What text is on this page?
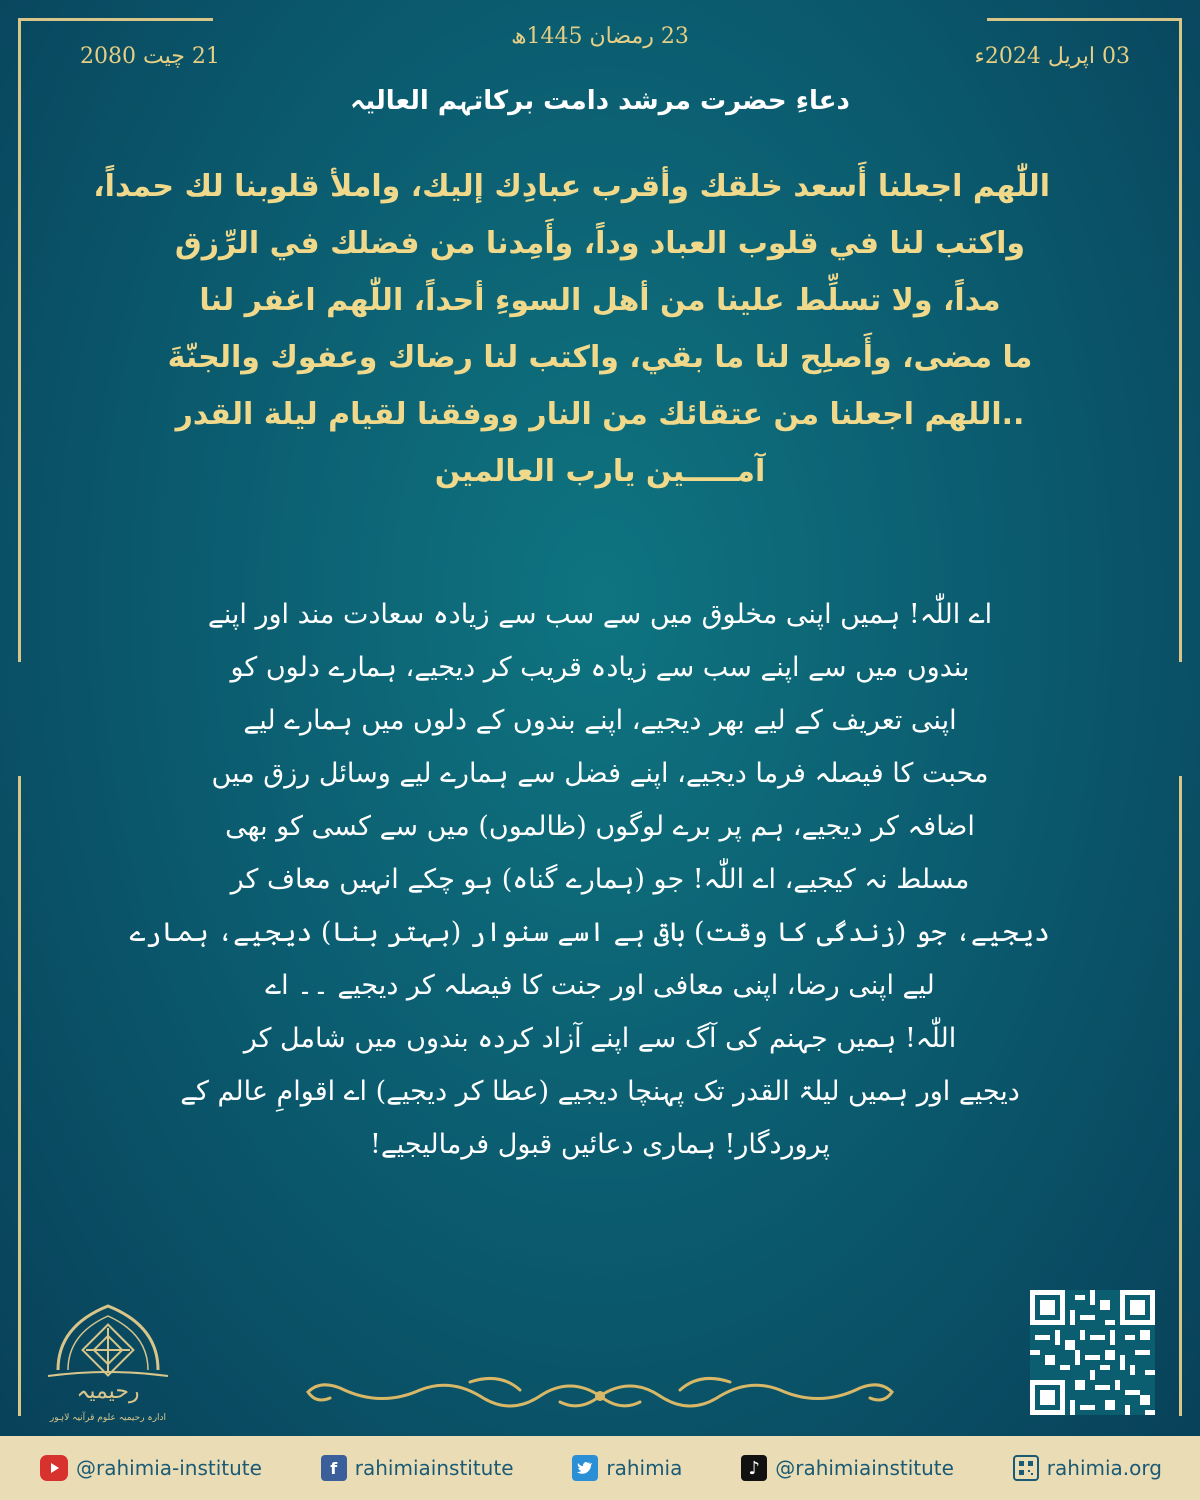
23 رمضان 1445ھ
03 اپریل 2024ء
21 چیت 2080
دعاءِ حضرت مرشد دامت برکاتہم العالیہ

اللّٰهم اجعلنا أَسعد خلقك وأقرب عبادِك إليك، واملأ قلوبنا لك حمداً،

واكتب لنا في قلوب العباد وداً، وأَمِدنا من فضلك في الرِّزق

مداً، ولا تسلِّط علينا من أهل السوءِ أحداً، اللّٰهم اغفر لنا

ما مضى، وأَصلِح لنا ما بقي، واكتب لنا رضاك وعفوك والجنّةَ

..اللهم اجعلنا من عتقائك من النار ووفقنا لقيام ليلة القدر

آمـــــين يارب العالمين

اے اللّٰہ! ہمیں اپنی مخلوق میں سے سب سے زیادہ سعادت مند اور اپنے

بندوں میں سے اپنے سب سے زیادہ قریب کر دیجیے، ہمارے دلوں کو

اپنی تعریف کے لیے بھر دیجیے، اپنے بندوں کے دلوں میں ہمارے لیے

محبت کا فیصلہ فرما دیجیے، اپنے فضل سے ہمارے لیے وسائل رزق میں

اضافہ کر دیجیے، ہم پر برے لوگوں (ظالموں) میں سے کسی کو بھی

مسلط نہ کیجیے، اے اللّٰہ! جو (ہمارے گناہ) ہو چکے انہیں معاف کر

دیجیے، جو (زندگی کا وقت) باقی ہے اسے سنوار (بہتر بنا) دیجیے، ہمارے

لیے اپنی رضا، اپنی معافی اور جنت کا فیصلہ کر دیجیے ۔۔ اے

اللّٰہ! ہمیں جہنم کی آگ سے اپنے آزاد کردہ بندوں میں شامل کر

دیجیے اور ہمیں لیلۃ القدر تک پہنچا دیجیے (عطا کر دیجیے) اے اقوامِ عالم کے

پروردگار! ہماری دعائیں قبول فرمالیجیے!

رحیمیہ
ادارہ رحیمیہ علوم قرآنیہ لاہور
@rahimia-institute	f rahimiainstitute	rahimia	♪ @rahimiainstitute	rahimia.org
